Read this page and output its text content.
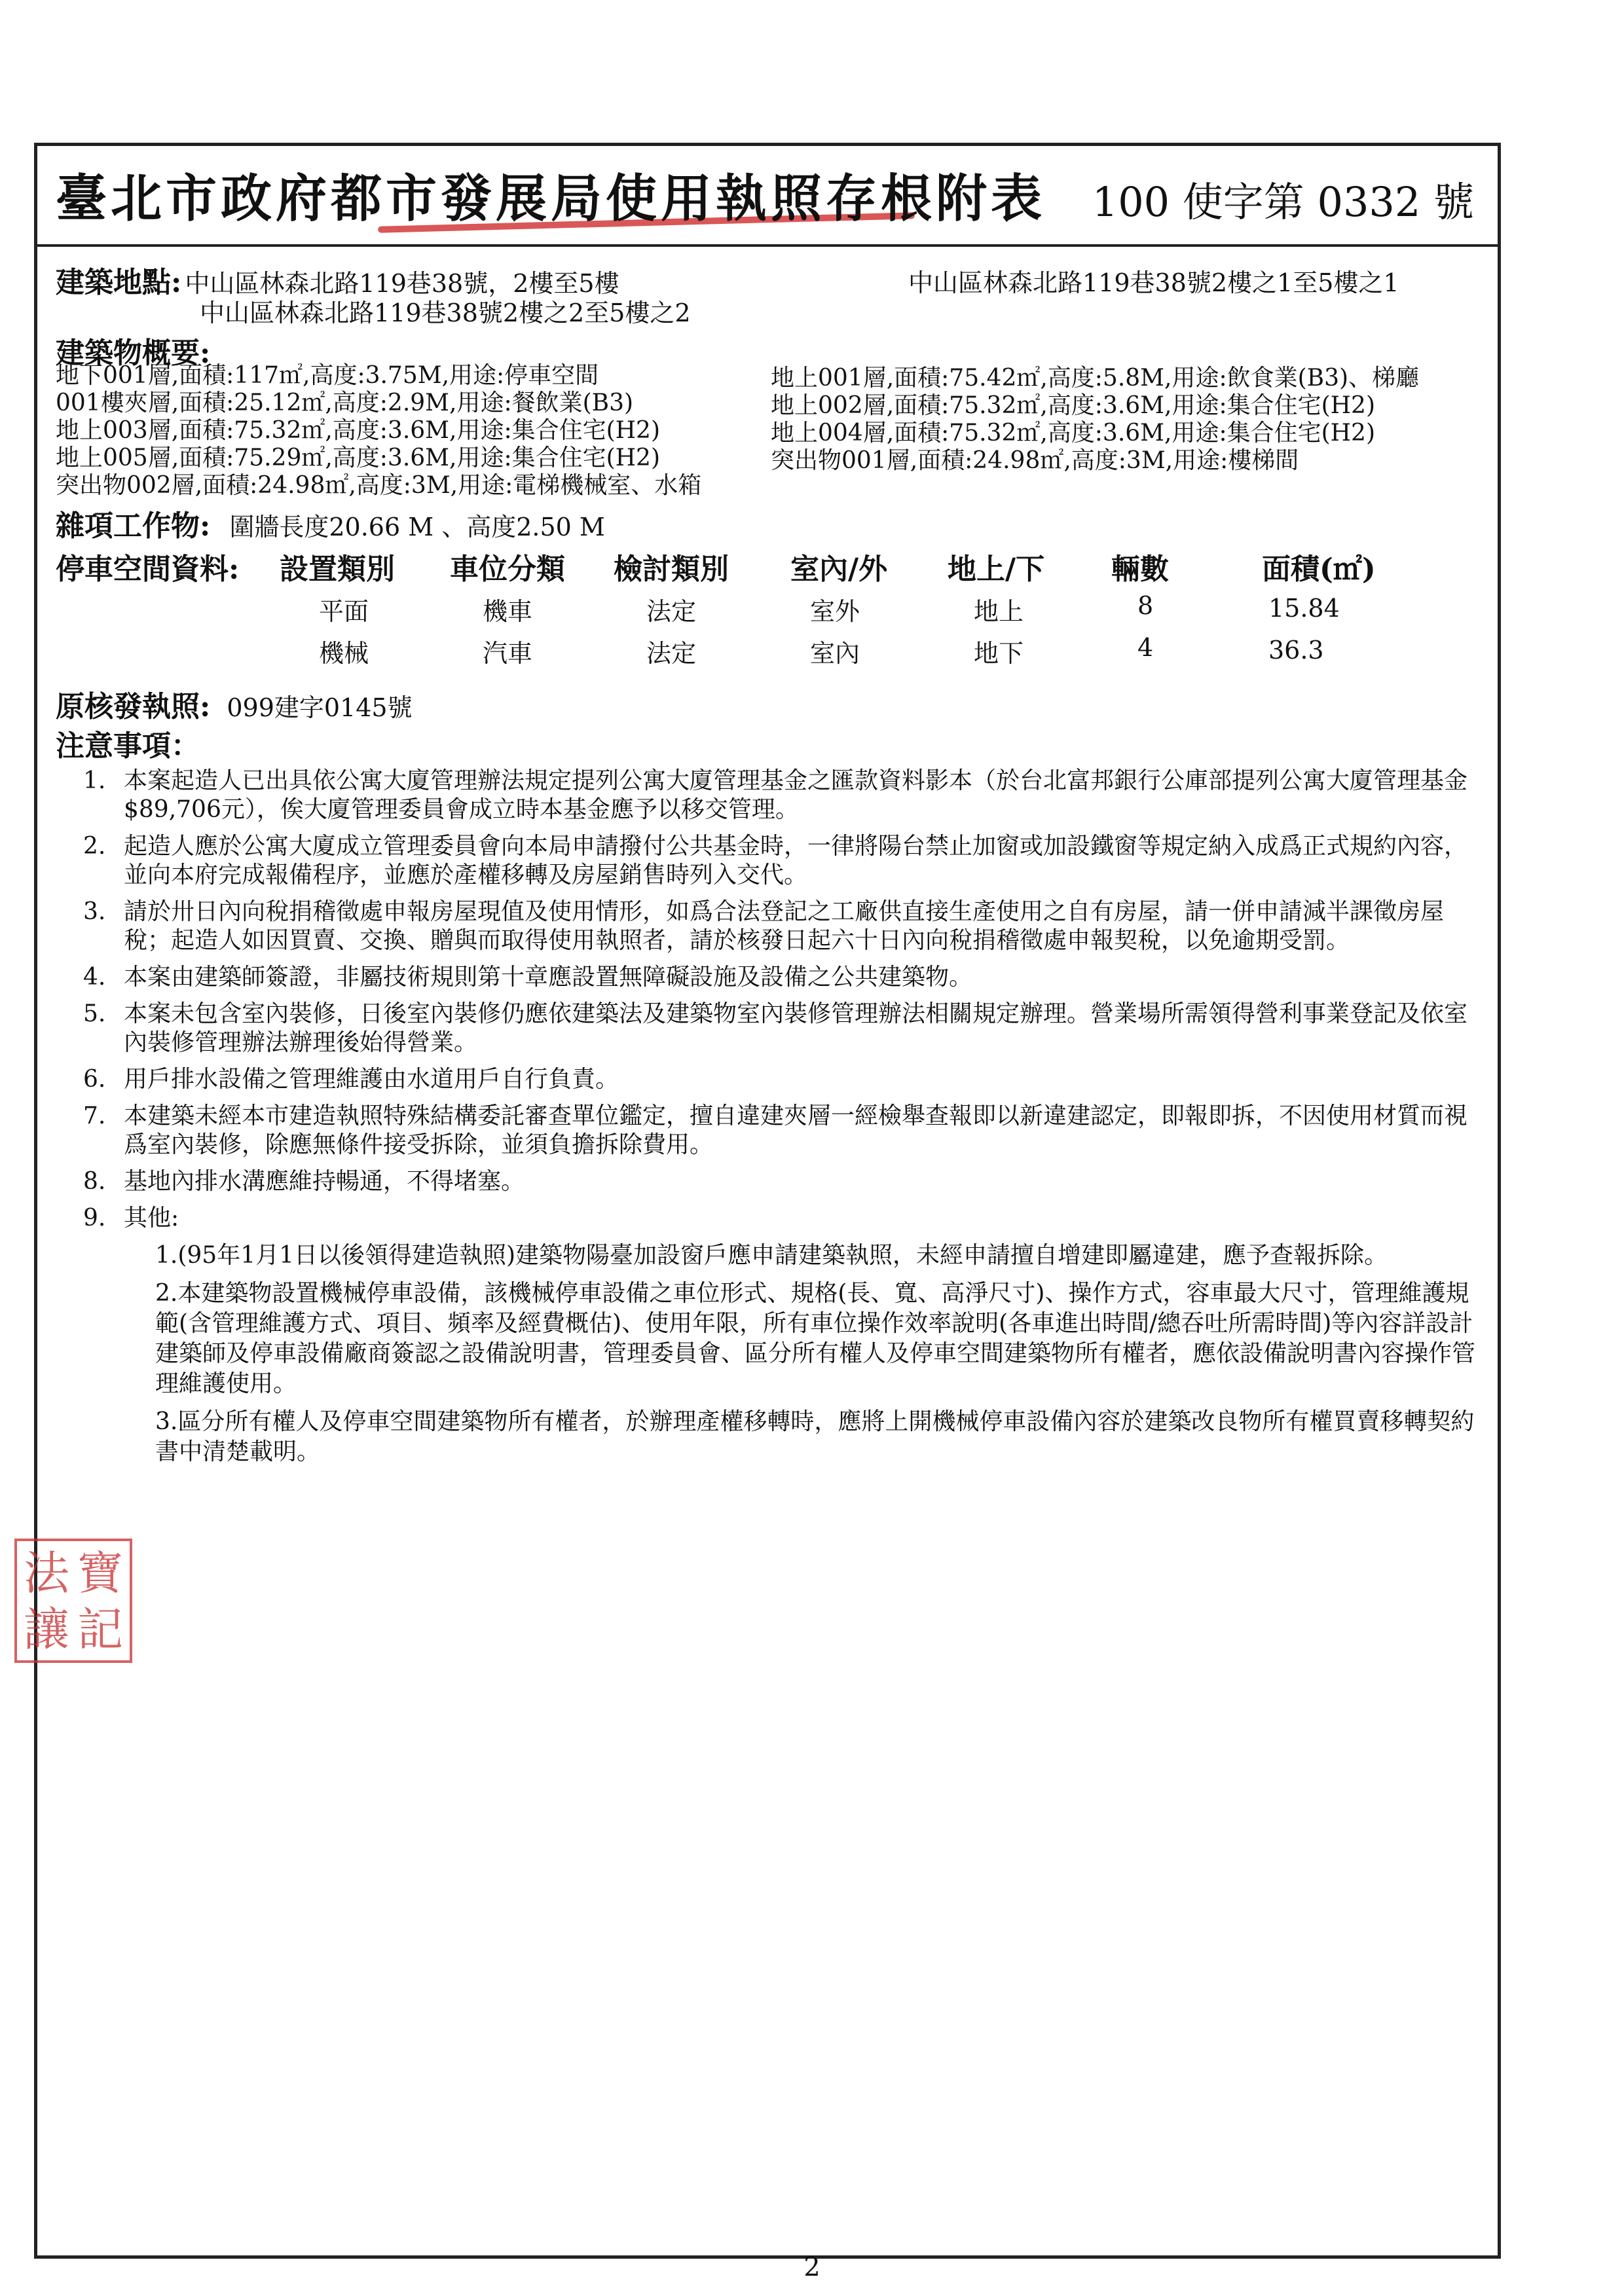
臺北市政府都市發展局使用執照存根附表 100 使字第 0332 號
建築地點: 中山區林森北路119巷38號，2樓至5樓	中山區林森北路119巷38號2樓之1至5樓之1
中山區林森北路119巷38號2樓之2至5樓之2
建築物概要:
地下001層,面積:117㎡,高度:3.75M,用途:停車空間
001樓夾層,面積:25.12㎡,高度:2.9M,用途:餐飲業(B3)
地上003層,面積:75.32㎡,高度:3.6M,用途:集合住宅(H2)
地上005層,面積:75.29㎡,高度:3.6M,用途:集合住宅(H2)
突出物002層,面積:24.98㎡,高度:3M,用途:電梯機械室、水箱
地上001層,面積:75.42㎡,高度:5.8M,用途:飲食業(B3)、梯廳
地上002層,面積:75.32㎡,高度:3.6M,用途:集合住宅(H2)
地上004層,面積:75.32㎡,高度:3.6M,用途:集合住宅(H2)
突出物001層,面積:24.98㎡,高度:3M,用途:樓梯間
雜項工作物: 圍牆長度20.66 M 、高度2.50 M
停車空間資料: 設置類別 車位分類 檢討類別 室內/外 地上/下 輛數	面積(㎡)
平面	機車	法定	室外	地上	8	15.84
機械	汽車	法定	室內	地下	4	36.3
原核發執照: 099建字0145號
注意事項：
1. 本案起造人已出具依公寓大廈管理辦法規定提列公寓大廈管理基金之匯款資料影本（於台北富邦銀行公庫部提列公寓大廈管理基金$89,706元），俟大廈管理委員會成立時本基金應予以移交管理。
2. 起造人應於公寓大廈成立管理委員會向本局申請撥付公共基金時，一律將陽台禁止加窗或加設鐵窗等規定納入成爲正式規約內容，並向本府完成報備程序，並應於產權移轉及房屋銷售時列入交代。
3. 請於卅日內向稅捐稽徵處申報房屋現值及使用情形，如爲合法登記之工廠供直接生產使用之自有房屋，請一併申請減半課徵房屋稅；起造人如因買賣、交換、贈與而取得使用執照者，請於核發日起六十日內向稅捐稽徵處申報契稅，以免逾期受罰。
4. 本案由建築師簽證，非屬技術規則第十章應設置無障礙設施及設備之公共建築物。
5. 本案未包含室內裝修，日後室內裝修仍應依建築法及建築物室內裝修管理辦法相關規定辦理。營業場所需領得營利事業登記及依室內裝修管理辦法辦理後始得營業。
6. 用戶排水設備之管理維護由水道用戶自行負責。
7. 本建築未經本市建造執照特殊結構委託審查單位鑑定，擅自違建夾層一經檢舉查報即以新違建認定，即報即拆，不因使用材質而視爲室內裝修，除應無條件接受拆除，並須負擔拆除費用。
8. 基地內排水溝應維持暢通，不得堵塞。
9. 其他:
1.(95年1月1日以後領得建造執照)建築物陽臺加設窗戶應申請建築執照，未經申請擅自增建即屬違建，應予查報拆除。
2.本建築物設置機械停車設備，該機械停車設備之車位形式、規格(長、寬、高淨尺寸)、操作方式，容車最大尺寸，管理維護規範(含管理維護方式、項目、頻率及經費概估)、使用年限，所有車位操作效率說明(各車進出時間/總吞吐所需時間)等內容詳設計建築師及停車設備廠商簽認之設備說明書，管理委員會、區分所有權人及停車空間建築物所有權者，應依設備說明書內容操作管理維護使用。
3.區分所有權人及停車空間建築物所有權者，於辦理產權移轉時，應將上開機械停車設備內容於建築改良物所有權買賣移轉契約書中清楚載明。
法 寶
讓 記
2
